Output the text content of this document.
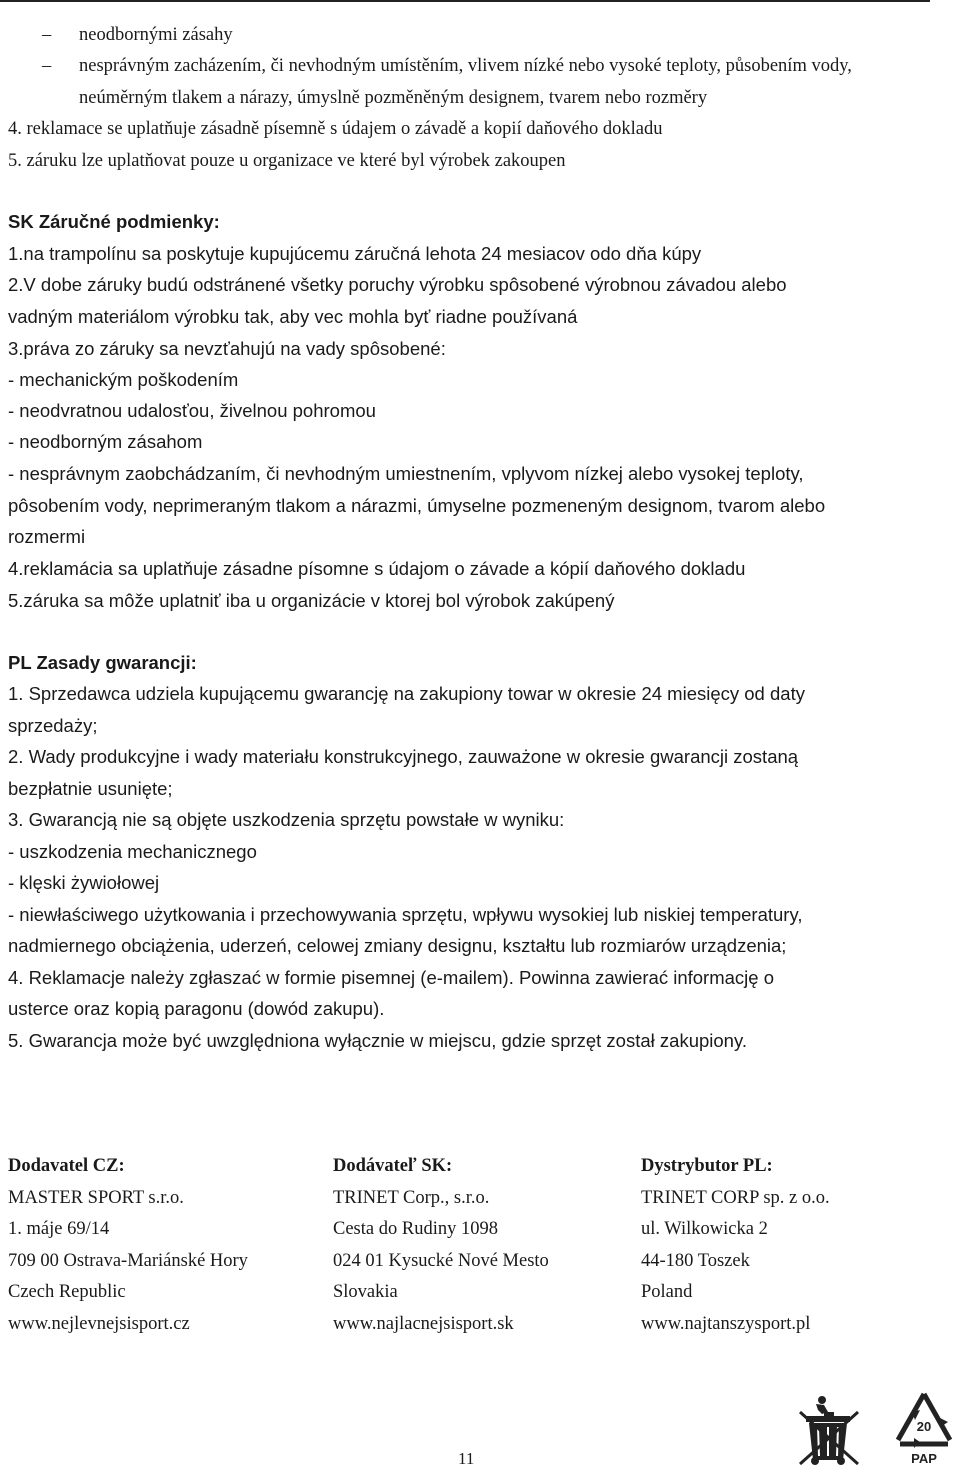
– neodbornými zásahy
– nesprávným zacházením, či nevhodným umístěním, vlivem nízké nebo vysoké teploty, působením vody,
neúměrným tlakem a nárazy, úmyslně pozměněným designem, tvarem nebo rozměry
4. reklamace se uplatňuje zásadně písemně s údajem o závadě a kopií daňového dokladu
5. záruku lze uplatňovat pouze u organizace ve které byl výrobek zakoupen
SK Záručné podmienky:
1.na trampolínu sa poskytuje kupujúcemu záručná lehota 24 mesiacov odo dňa kúpy
2.V dobe záruky budú odstránené všetky poruchy výrobku spôsobené výrobnou závadou alebo
vadným materiálom výrobku tak, aby vec mohla byť riadne používaná
3.práva zo záruky sa nevzťahujú na vady spôsobené:
- mechanickým poškodením
- neodvratnou udalosťou, živelnou pohromou
- neodborným zásahom
- nesprávnym zaobchádzaním, či nevhodným umiestnením, vplyvom nízkej alebo vysokej teploty,
pôsobením vody, neprimeraným tlakom a nárazmi, úmyselne pozmeneným designom, tvarom alebo
rozmermi
4.reklamácia sa uplatňuje zásadne písomne s údajom o závade a kópií daňového dokladu
5.záruka sa môže uplatniť iba u organizácie v ktorej bol výrobok zakúpený
PL Zasady gwarancji:
1. Sprzedawca udziela kupującemu gwarancję na zakupiony towar w okresie 24 miesięcy od daty
sprzedaży;
2. Wady produkcyjne i wady materiału konstrukcyjnego, zauważone w okresie gwarancji zostaną
bezpłatnie usunięte;
3. Gwarancją nie są objęte uszkodzenia sprzętu powstałe w wyniku:
- uszkodzenia mechanicznego
- klęski żywiołowej
- niewłaściwego użytkowania i przechowywania sprzętu, wpływu wysokiej lub niskiej temperatury,
nadmiernego obciążenia, uderzeń, celowej zmiany designu, kształtu lub rozmiarów urządzenia;
4. Reklamacje należy zgłaszać w formie pisemnej (e-mailem). Powinna zawierać informację o
usterce oraz kopią paragonu (dowód zakupu).
5. Gwarancja może być uwzględniona wyłącznie w miejscu, gdzie sprzęt został zakupiony.
Dodavatel CZ:
MASTER SPORT s.r.o.
1. máje 69/14
709 00 Ostrava-Mariánské Hory
Czech Republic
www.nejlevnejsisport.cz
Dodávateľ SK:
TRINET Corp., s.r.o.
Cesta do Rudiny 1098
024 01 Kysucké Nové Mesto
Slovakia
www.najlacnejsisport.sk
Dystrybutor PL:
TRINET CORP sp. z o.o.
ul. Wilkowicka 2
44-180 Toszek
Poland
www.najtanszysport.pl
11
20
PAP
